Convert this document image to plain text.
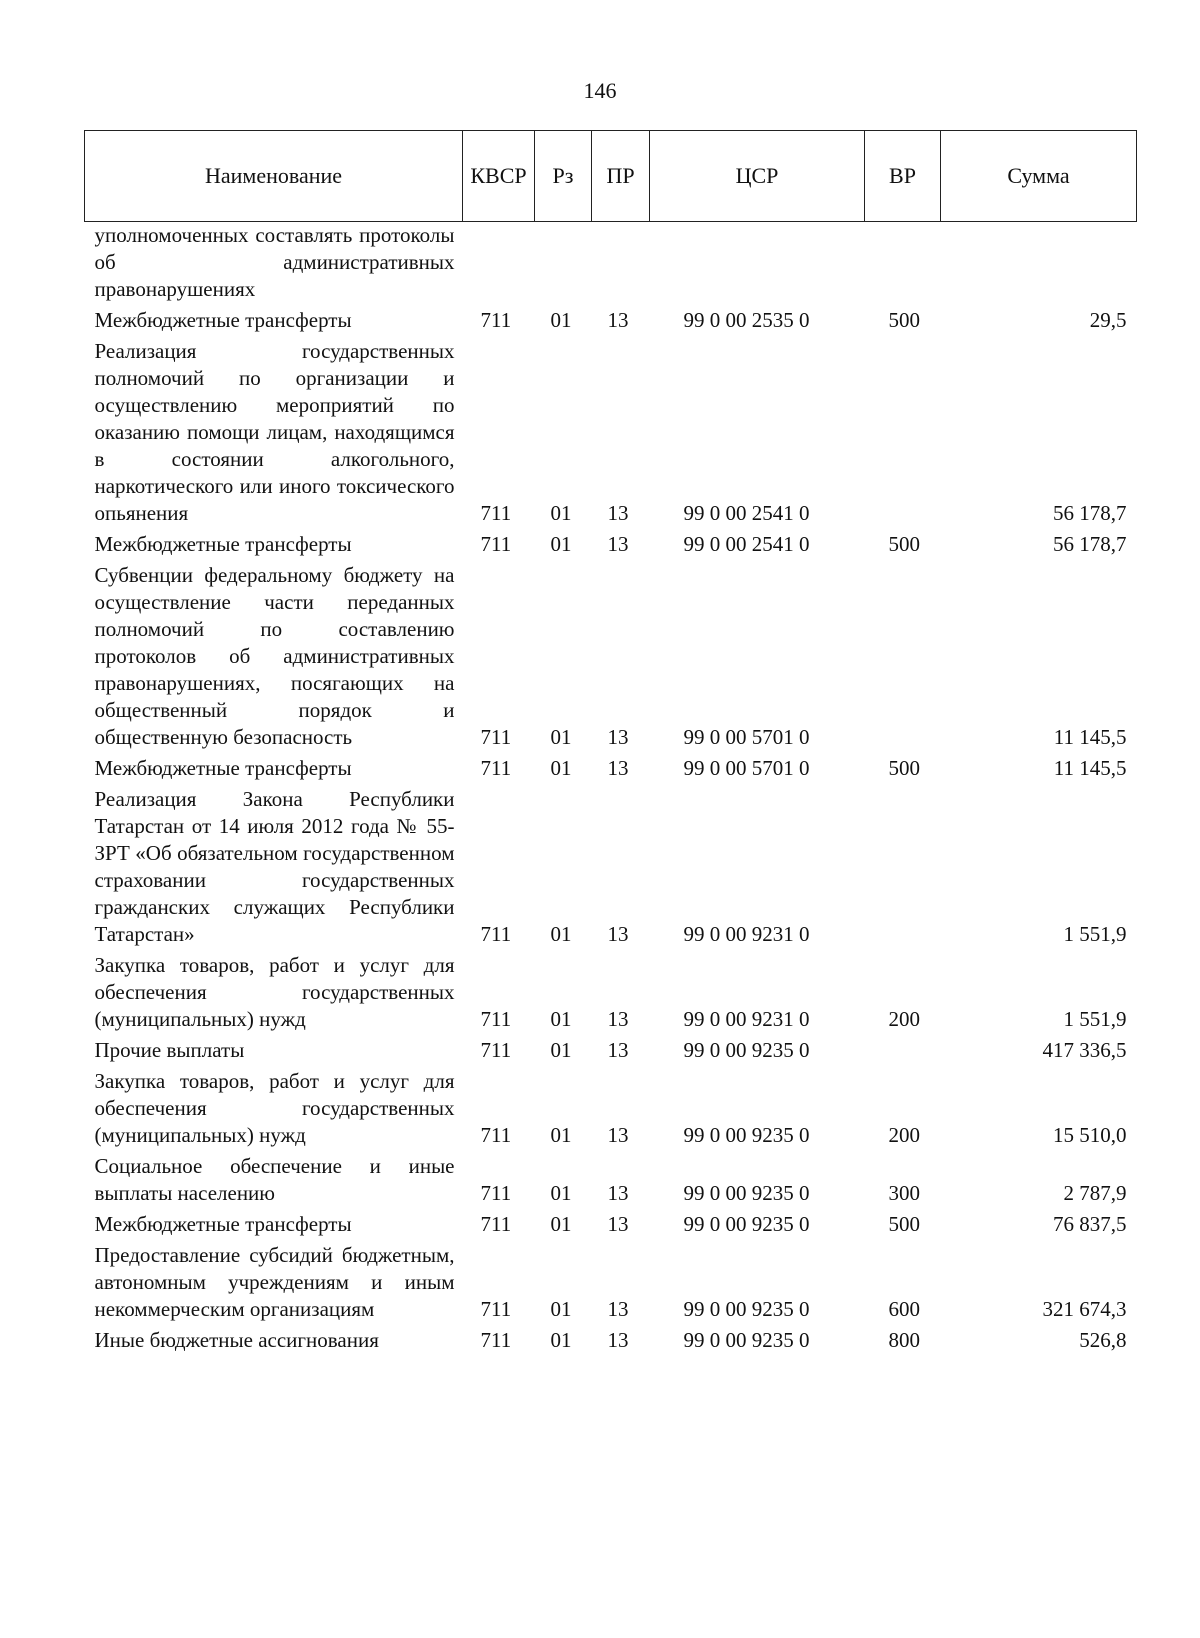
146
Наименование	КВСР	Рз	ПР	ЦСР	ВР	Сумма
уполномоченных составлять протоколы об административных правонарушениях						
Межбюджетные трансферты	711	01	13	99 0 00 2535 0	500	29,5
Реализация государственных полномочий по организации и осуществлению мероприятий по оказанию помощи лицам, находящимся в состоянии алкогольного, наркотического или иного токсического опьянения	711	01	13	99 0 00 2541 0		56 178,7
Межбюджетные трансферты	711	01	13	99 0 00 2541 0	500	56 178,7
Субвенции федеральному бюджету на осуществление части переданных полномочий по составлению протоколов об административных правонарушениях, посягающих на общественный порядок и общественную безопасность	711	01	13	99 0 00 5701 0		11 145,5
Межбюджетные трансферты	711	01	13	99 0 00 5701 0	500	11 145,5
Реализация Закона Республики Татарстан от 14 июля 2012 года № 55-ЗРТ «Об обязательном государственном страховании государственных гражданских служащих Республики Татарстан»	711	01	13	99 0 00 9231 0		1 551,9
Закупка товаров, работ и услуг для обеспечения государственных (муниципальных) нужд	711	01	13	99 0 00 9231 0	200	1 551,9
Прочие выплаты	711	01	13	99 0 00 9235 0		417 336,5
Закупка товаров, работ и услуг для обеспечения государственных (муниципальных) нужд	711	01	13	99 0 00 9235 0	200	15 510,0
Социальное обеспечение и иные выплаты населению	711	01	13	99 0 00 9235 0	300	2 787,9
Межбюджетные трансферты	711	01	13	99 0 00 9235 0	500	76 837,5
Предоставление субсидий бюджетным, автономным учреждениям и иным некоммерческим организациям	711	01	13	99 0 00 9235 0	600	321 674,3
Иные бюджетные ассигнования	711	01	13	99 0 00 9235 0	800	526,8
